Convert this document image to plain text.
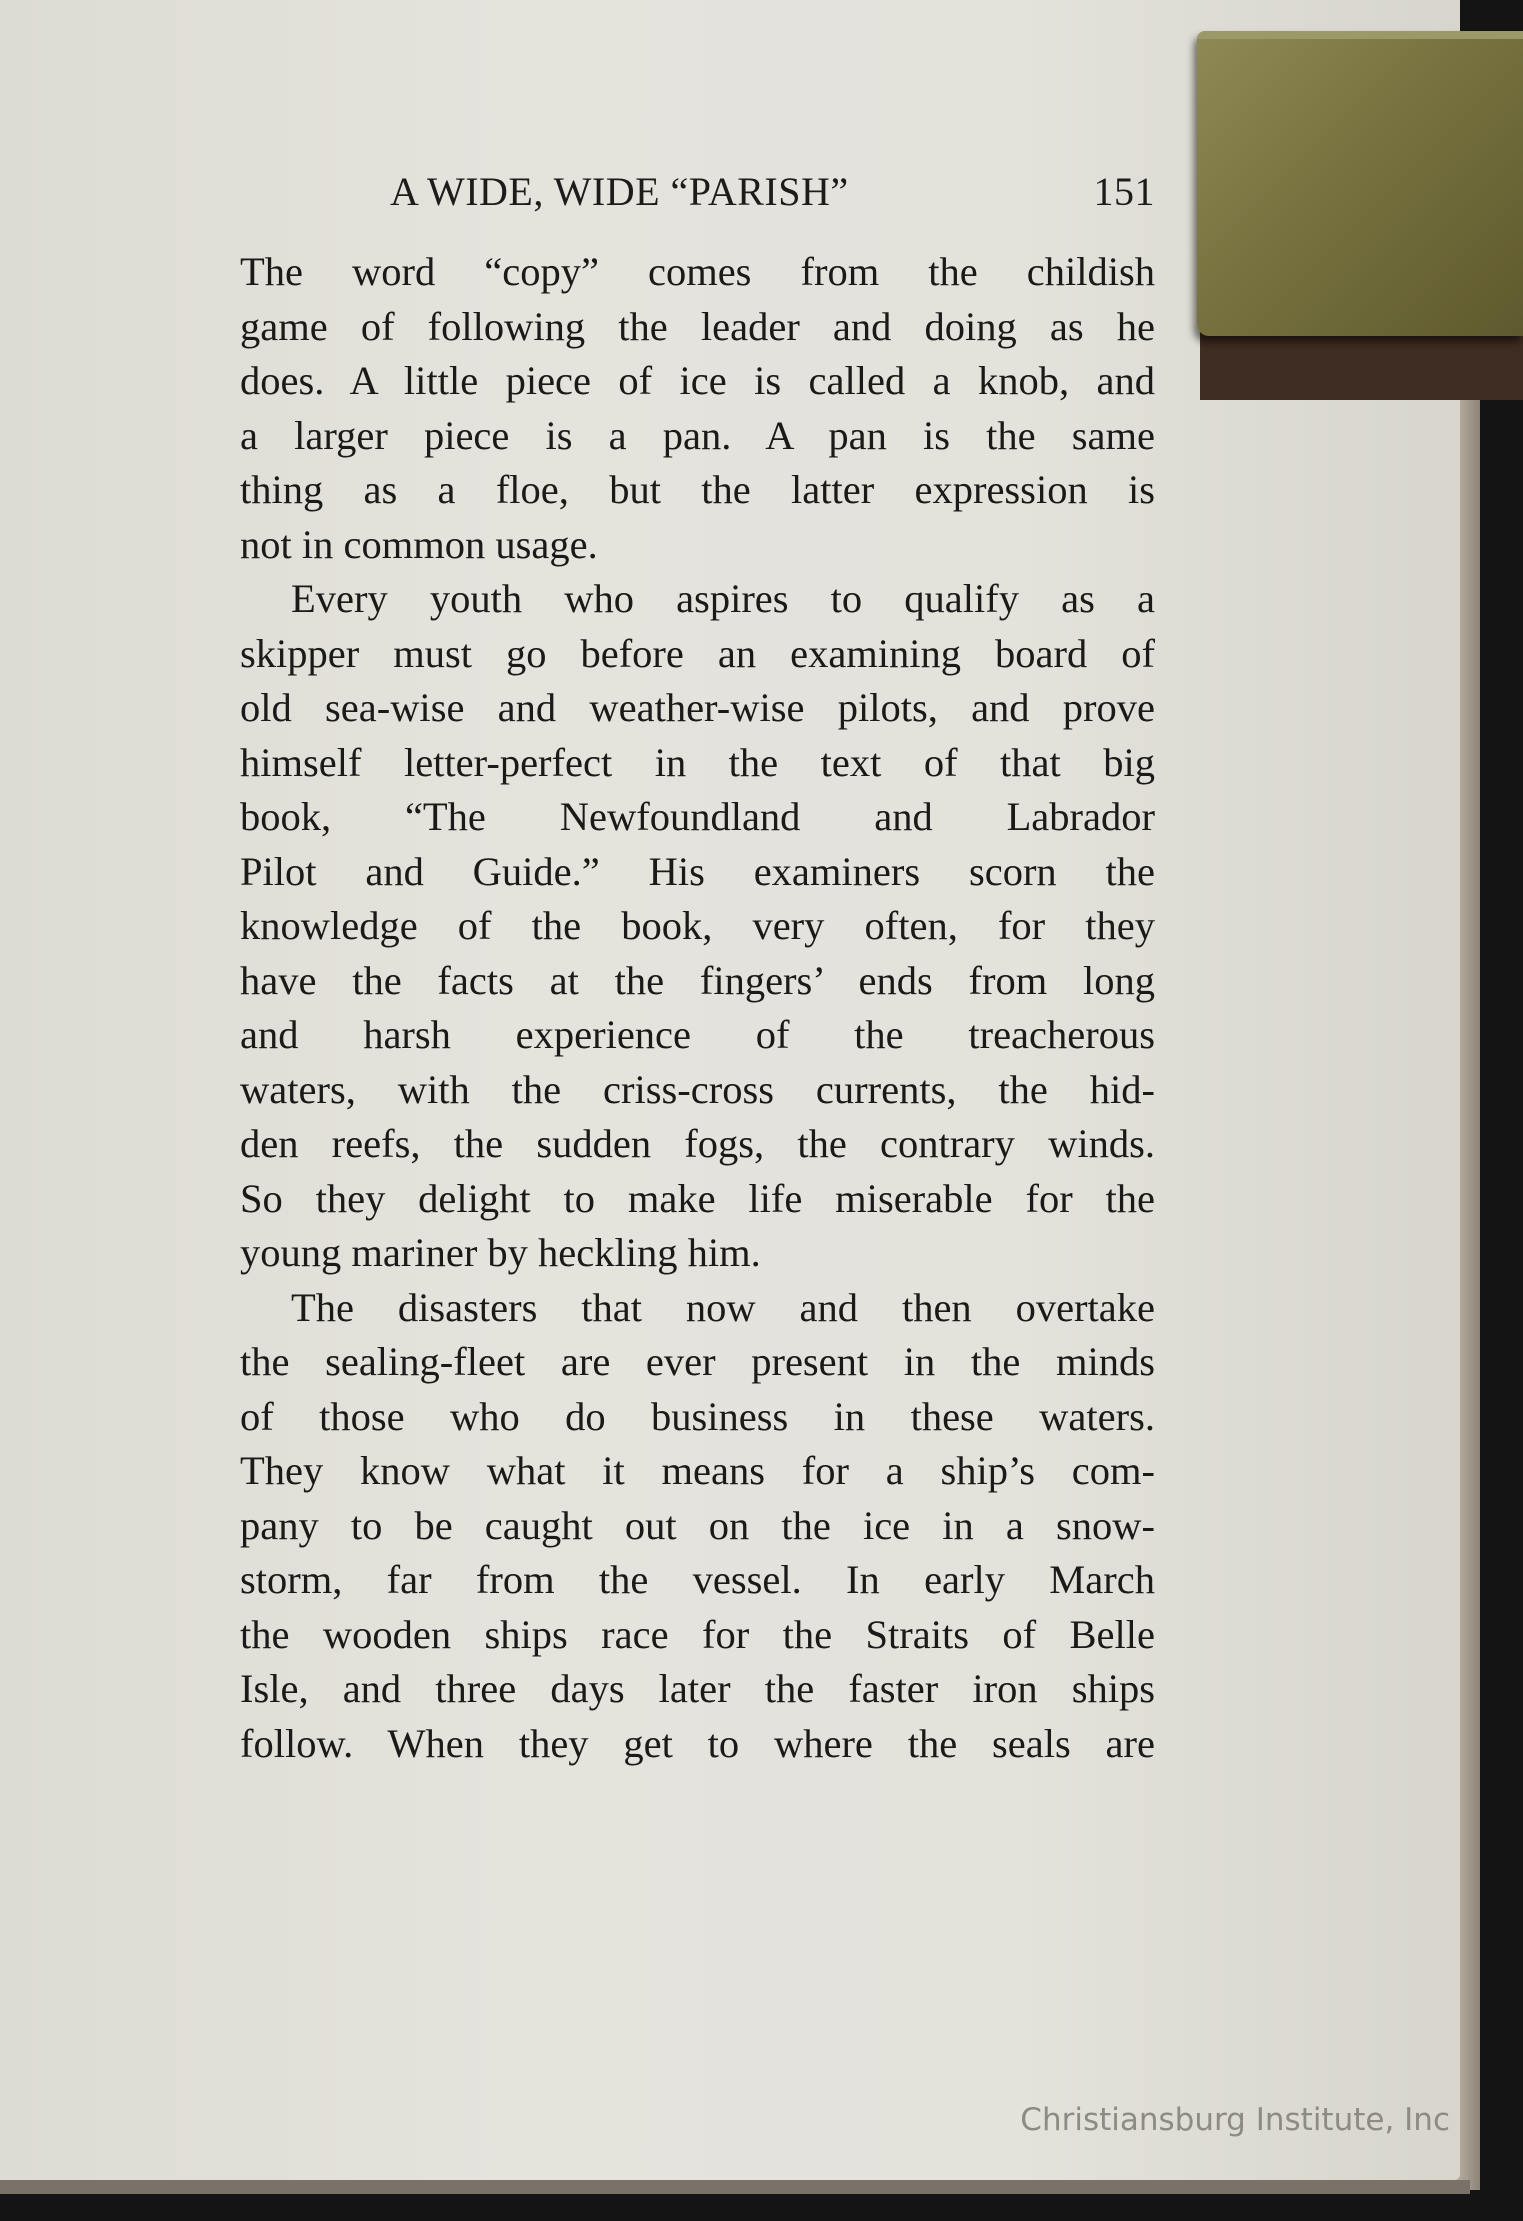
A WIDE, WIDE “PARISH”	151
The word “copy” comes from the childish
game of following the leader and doing as he
does. A little piece of ice is called a knob, and
a larger piece is a pan. A pan is the same
thing as a floe, but the latter expression is
not in common usage.
Every youth who aspires to qualify as a
skipper must go before an examining board of
old sea-wise and weather-wise pilots, and prove
himself letter-perfect in the text of that big
book, “The Newfoundland and Labrador
Pilot and Guide.” His examiners scorn the
knowledge of the book, very often, for they
have the facts at the fingers’ ends from long
and harsh experience of the treacherous
waters, with the criss-cross currents, the hid-
den reefs, the sudden fogs, the contrary winds.
So they delight to make life miserable for the
young mariner by heckling him.
The disasters that now and then overtake
the sealing-fleet are ever present in the minds
of those who do business in these waters.
They know what it means for a ship’s com-
pany to be caught out on the ice in a snow-
storm, far from the vessel. In early March
the wooden ships race for the Straits of Belle
Isle, and three days later the faster iron ships
follow. When they get to where the seals are
Christiansburg Institute, Inc
